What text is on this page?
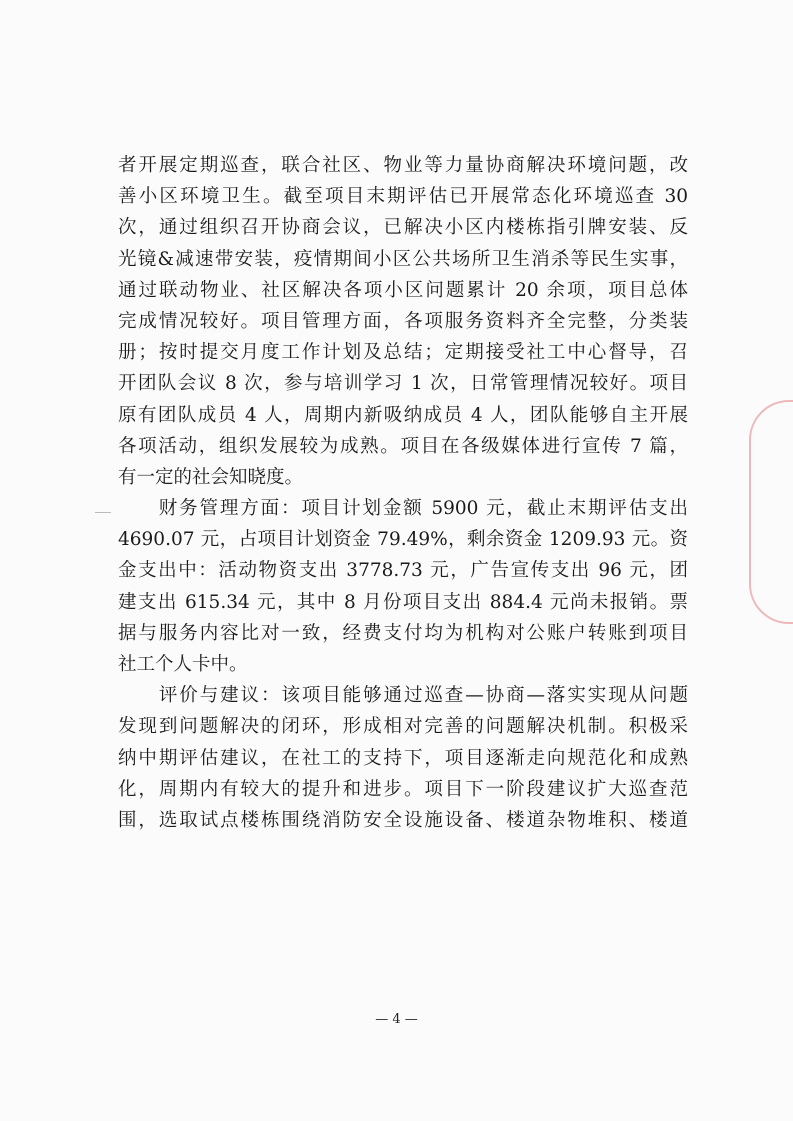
者开展定期巡查，联合社区、物业等力量协商解决环境问题，改
善小区环境卫生。截至项目末期评估已开展常态化环境巡查 30
次，通过组织召开协商会议，已解决小区内楼栋指引牌安装、反
光镜&减速带安装，疫情期间小区公共场所卫生消杀等民生实事，
通过联动物业、社区解决各项小区问题累计 20 余项，项目总体
完成情况较好。项目管理方面，各项服务资料齐全完整，分类装
册；按时提交月度工作计划及总结；定期接受社工中心督导，召
开团队会议 8 次，参与培训学习 1 次，日常管理情况较好。项目
原有团队成员 4 人，周期内新吸纳成员 4 人，团队能够自主开展
各项活动，组织发展较为成熟。项目在各级媒体进行宣传 7 篇，
有一定的社会知晓度。
　　财务管理方面：项目计划金额 5900 元，截止末期评估支出
4690.07 元，占项目计划资金 79.49%，剩余资金 1209.93 元。资
金支出中：活动物资支出 3778.73 元，广告宣传支出 96 元，团
建支出 615.34 元，其中 8 月份项目支出 884.4 元尚未报销。票
据与服务内容比对一致，经费支付均为机构对公账户转账到项目
社工个人卡中。
　　评价与建议：该项目能够通过巡查—协商—落实实现从问题
发现到问题解决的闭环，形成相对完善的问题解决机制。积极采
纳中期评估建议，在社工的支持下，项目逐渐走向规范化和成熟
化，周期内有较大的提升和进步。项目下一阶段建议扩大巡查范
围，选取试点楼栋围绕消防安全设施设备、楼道杂物堆积、楼道
— 4 —
